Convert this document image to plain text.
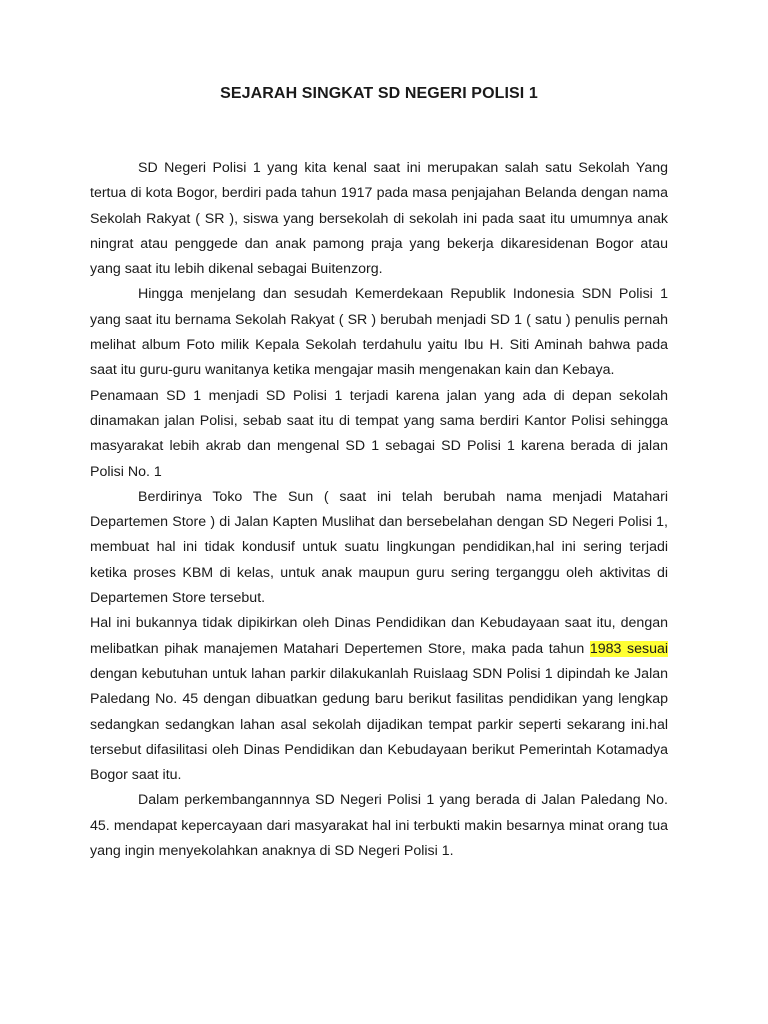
SEJARAH SINGKAT SD NEGERI POLISI 1

SD Negeri Polisi 1 yang kita kenal saat ini merupakan salah satu Sekolah Yang tertua di kota Bogor, berdiri pada tahun 1917 pada masa penjajahan Belanda dengan nama Sekolah Rakyat ( SR ), siswa yang bersekolah di sekolah ini pada saat itu umumnya anak ningrat atau penggede dan anak pamong praja yang bekerja dikaresidenan Bogor atau yang saat itu lebih dikenal sebagai Buitenzorg.

Hingga menjelang dan sesudah Kemerdekaan Republik Indonesia SDN Polisi 1 yang saat itu bernama Sekolah Rakyat ( SR ) berubah menjadi SD 1 ( satu ) penulis pernah melihat album Foto milik Kepala Sekolah terdahulu yaitu Ibu H. Siti Aminah bahwa pada saat itu guru-guru wanitanya ketika mengajar masih mengenakan kain dan Kebaya.

Penamaan SD 1 menjadi SD Polisi 1 terjadi karena jalan yang ada di depan sekolah dinamakan jalan Polisi, sebab saat itu di tempat yang sama berdiri Kantor Polisi sehingga masyarakat lebih akrab dan mengenal SD 1 sebagai SD Polisi 1 karena berada di jalan Polisi No. 1

Berdirinya Toko The Sun ( saat ini telah berubah nama menjadi Matahari Departemen Store ) di Jalan Kapten Muslihat dan bersebelahan dengan SD Negeri Polisi 1, membuat hal ini tidak kondusif untuk suatu lingkungan pendidikan,hal ini sering terjadi ketika proses KBM di kelas, untuk anak maupun guru sering terganggu oleh aktivitas di Departemen Store tersebut.

Hal ini bukannya tidak dipikirkan oleh Dinas Pendidikan dan Kebudayaan saat itu, dengan melibatkan pihak manajemen Matahari Depertemen Store, maka pada tahun 1983 sesuai dengan kebutuhan untuk lahan parkir dilakukanlah Ruislaag SDN Polisi 1 dipindah ke Jalan Paledang No. 45 dengan dibuatkan gedung baru berikut fasilitas pendidikan yang lengkap sedangkan sedangkan lahan asal sekolah dijadikan tempat parkir seperti sekarang ini.hal tersebut difasilitasi oleh Dinas Pendidikan dan Kebudayaan berikut Pemerintah Kotamadya Bogor saat itu.

Dalam perkembangannnya SD Negeri Polisi 1 yang berada di Jalan Paledang No. 45. mendapat kepercayaan dari masyarakat hal ini terbukti makin besarnya minat orang tua yang ingin menyekolahkan anaknya di SD Negeri Polisi 1.
